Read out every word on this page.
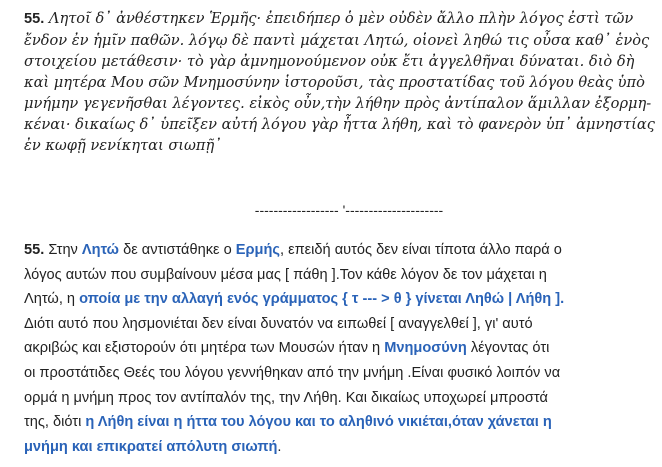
55. Λητοῖ δ᾽ ἀνθέστηκεν Ἑρμῆς· ἐπειδήπερ ὁ μὲν οὐδὲν ἄλλο πλὴν λόγος ἐστὶ τῶν
ἔνδον ἐν ἡμῖν παθῶν. λόγῳ δὲ παντὶ μάχεται Λητώ, οἱονεὶ ληθώ τις οὖσα καθ᾽ ἑνὸς
στοιχείου μετάθεσιν· τὸ γὰρ ἀμνημονούμενον οὐκ ἔτι ἀγγελθῆναι δύναται. διὸ δὴ
καὶ μητέρα Μου σῶν Μνημοσύνην ἱστοροῦσι, τὰς προστατίδας τοῦ λόγου θεὰς ὑπὸ
μνήμην γεγενῆσθαι λέγοντες. εἰκὸς οὖν,τὴν λήθην πρὸς ἀντίπαλον ἅμιλλαν ἐξορμη-
κέναι· δικαίως δ᾽ ὑπεῖξεν αὐτή λόγου γὰρ ἧττα λήθη, καὶ τὸ φανερὸν ὑπ᾽ ἀμνηστίας
ἐν κωφῇ νενίκηται σιωπῇ᾽
------------------ '---------------------
55. Στην Λητώ δε αντιστάθηκε ο Ερμής, επειδή αυτός δεν είναι τίποτα άλλο παρά ο
λόγος αυτών που συμβαίνουν μέσα μας [ πάθη ].Τον κάθε λόγον δε τον μάχεται η
Λητώ, η οποία με την αλλαγή ενός γράμματος { τ --- > θ } γίνεται Ληθώ | Λήθη ].
Διότι αυτό που λησμονιέται δεν είναι δυνατόν να ειπωθεί [ αναγγελθεί ], γι' αυτό
ακριβώς και εξιστορούν ότι μητέρα των Μουσών ήταν η Μνημοσύνη λέγοντας ότι
οι προστάτιδες Θεές του λόγου γεννήθηκαν από την μνήμη .Είναι φυσικό λοιπόν να
ορμά η μνήμη προς τον αντίπαλόν της, την Λήθη. Και δικαίως υποχωρεί μπροστά
της, διότι η Λήθη είναι η ήττα του λόγου και το αληθινό νικιέται,όταν χάνεται η
μνήμη και επικρατεί απόλυτη σιωπή.
